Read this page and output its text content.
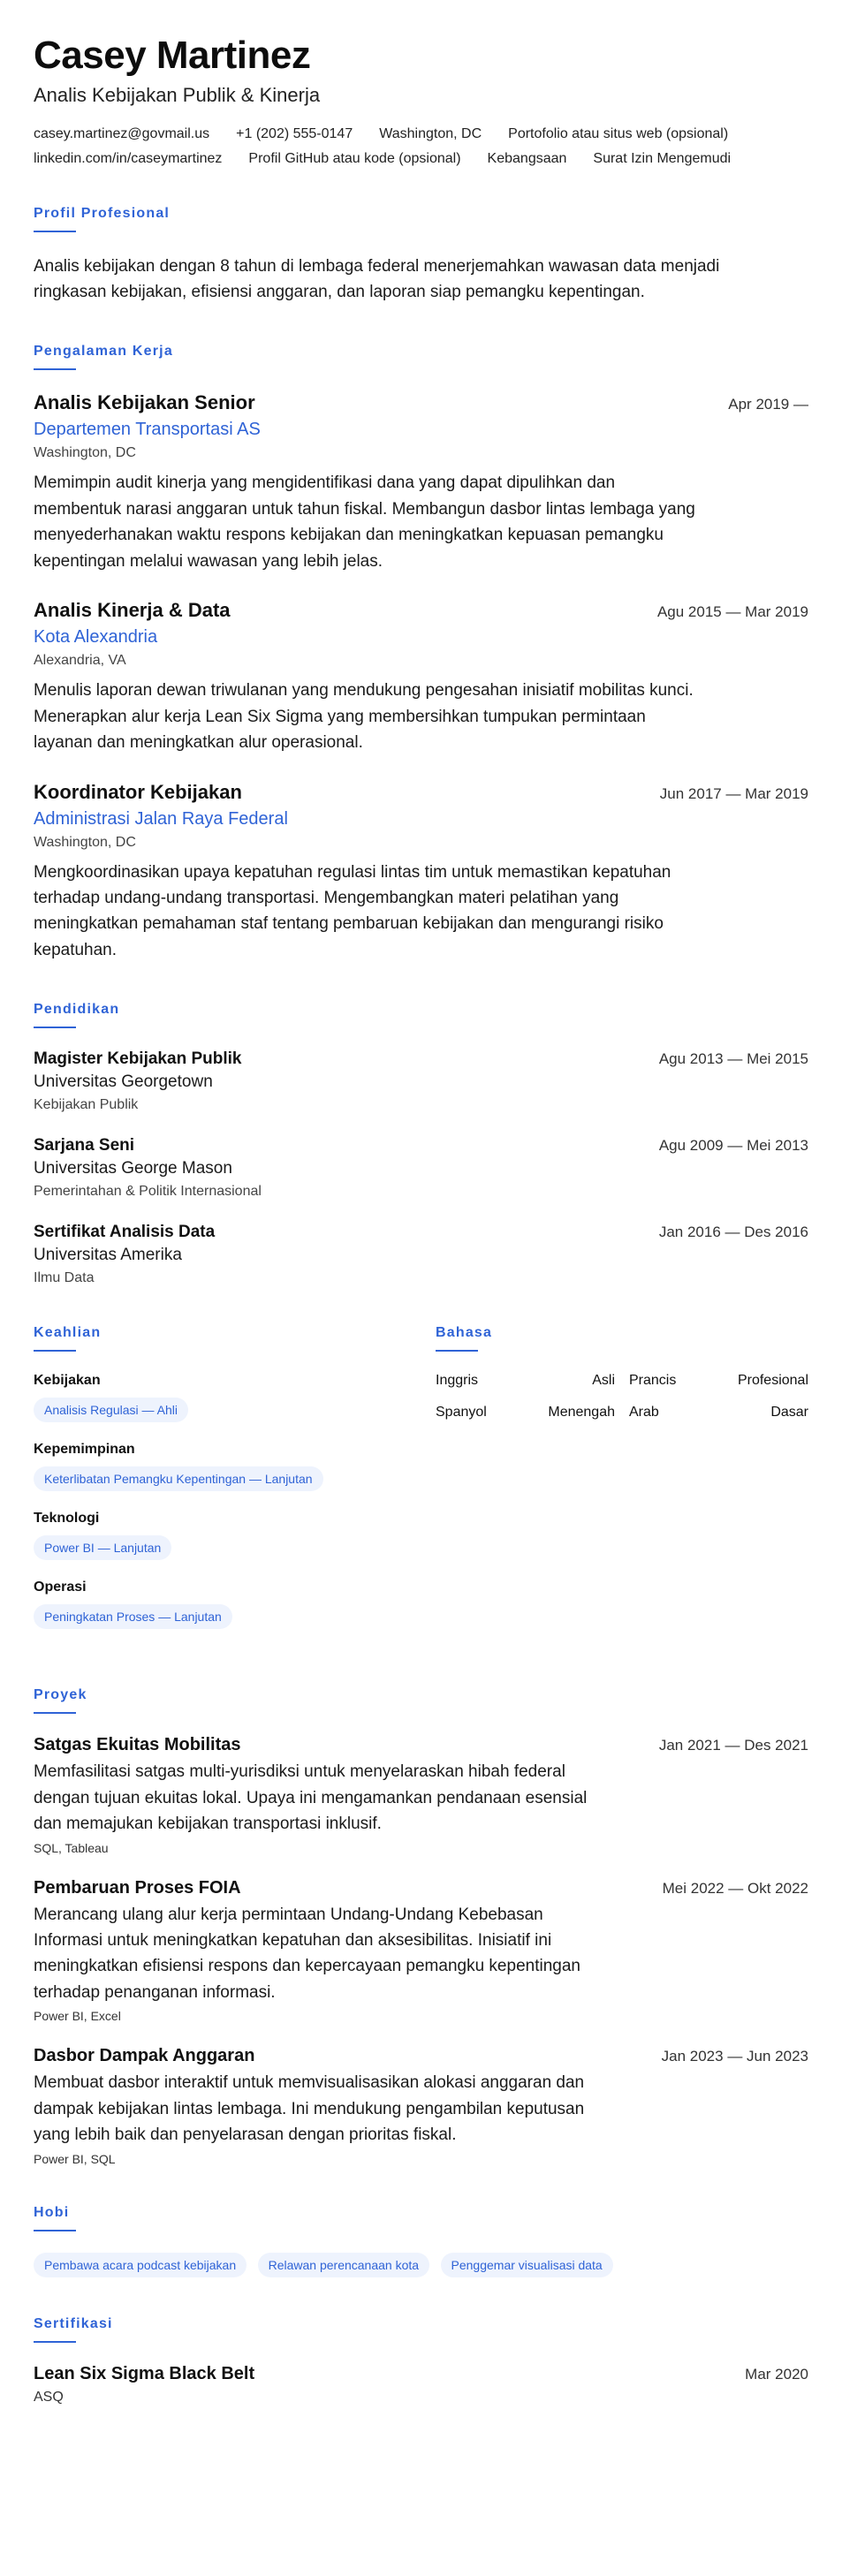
Casey Martinez
Analis Kebijakan Publik & Kinerja
casey.martinez@govmail.us +1 (202) 555-0147 Washington, DC Portofolio atau situs web (opsional)
linkedin.com/in/caseymartinez Profil GitHub atau kode (opsional) Kebangsaan Surat Izin Mengemudi
Profil Profesional

Analis kebijakan dengan 8 tahun di lembaga federal menerjemahkan wawasan data menjadi ringkasan kebijakan, efisiensi anggaran, dan laporan siap pemangku kepentingan.

Pengalaman Kerja
Analis Kebijakan Senior	Apr 2019 —
Departemen Transportasi AS
Washington, DC

Memimpin audit kinerja yang mengidentifikasi dana yang dapat dipulihkan dan membentuk narasi anggaran untuk tahun fiskal. Membangun dasbor lintas lembaga yang menyederhanakan waktu respons kebijakan dan meningkatkan kepuasan pemangku kepentingan melalui wawasan yang lebih jelas.

Analis Kinerja & Data	Agu 2015 — Mar 2019
Kota Alexandria
Alexandria, VA

Menulis laporan dewan triwulanan yang mendukung pengesahan inisiatif mobilitas kunci. Menerapkan alur kerja Lean Six Sigma yang membersihkan tumpukan permintaan layanan dan meningkatkan alur operasional.

Koordinator Kebijakan	Jun 2017 — Mar 2019
Administrasi Jalan Raya Federal
Washington, DC

Mengkoordinasikan upaya kepatuhan regulasi lintas tim untuk memastikan kepatuhan terhadap undang-undang transportasi. Mengembangkan materi pelatihan yang meningkatkan pemahaman staf tentang pembaruan kebijakan dan mengurangi risiko kepatuhan.

Pendidikan
Magister Kebijakan Publik	Agu 2013 — Mei 2015
Universitas Georgetown
Kebijakan Publik
Sarjana Seni	Agu 2009 — Mei 2013
Universitas George Mason
Pemerintahan & Politik Internasional
Sertifikat Analisis Data	Jan 2016 — Des 2016
Universitas Amerika
Ilmu Data
Keahlian
Kebijakan
Analisis Regulasi — Ahli
Kepemimpinan
Keterlibatan Pemangku Kepentingan — Lanjutan
Teknologi
Power BI — Lanjutan
Operasi
Peningkatan Proses — Lanjutan
Bahasa
Inggris	Asli Prancis	Profesional
Spanyol	Menengah Arab	Dasar
Proyek
Satgas Ekuitas Mobilitas	Jan 2021 — Des 2021

Memfasilitasi satgas multi-yurisdiksi untuk menyelaraskan hibah federal dengan tujuan ekuitas lokal. Upaya ini mengamankan pendanaan esensial dan memajukan kebijakan transportasi inklusif.

SQL, Tableau
Pembaruan Proses FOIA	Mei 2022 — Okt 2022

Merancang ulang alur kerja permintaan Undang-Undang Kebebasan Informasi untuk meningkatkan kepatuhan dan aksesibilitas. Inisiatif ini meningkatkan efisiensi respons dan kepercayaan pemangku kepentingan terhadap penanganan informasi.

Power BI, Excel
Dasbor Dampak Anggaran	Jan 2023 — Jun 2023

Membuat dasbor interaktif untuk memvisualisasikan alokasi anggaran dan dampak kebijakan lintas lembaga. Ini mendukung pengambilan keputusan yang lebih baik dan penyelarasan dengan prioritas fiskal.

Power BI, SQL
Hobi
Pembawa acara podcast kebijakan	Relawan perencanaan kota	Penggemar visualisasi data
Sertifikasi
Lean Six Sigma Black Belt	Mar 2020
ASQ
